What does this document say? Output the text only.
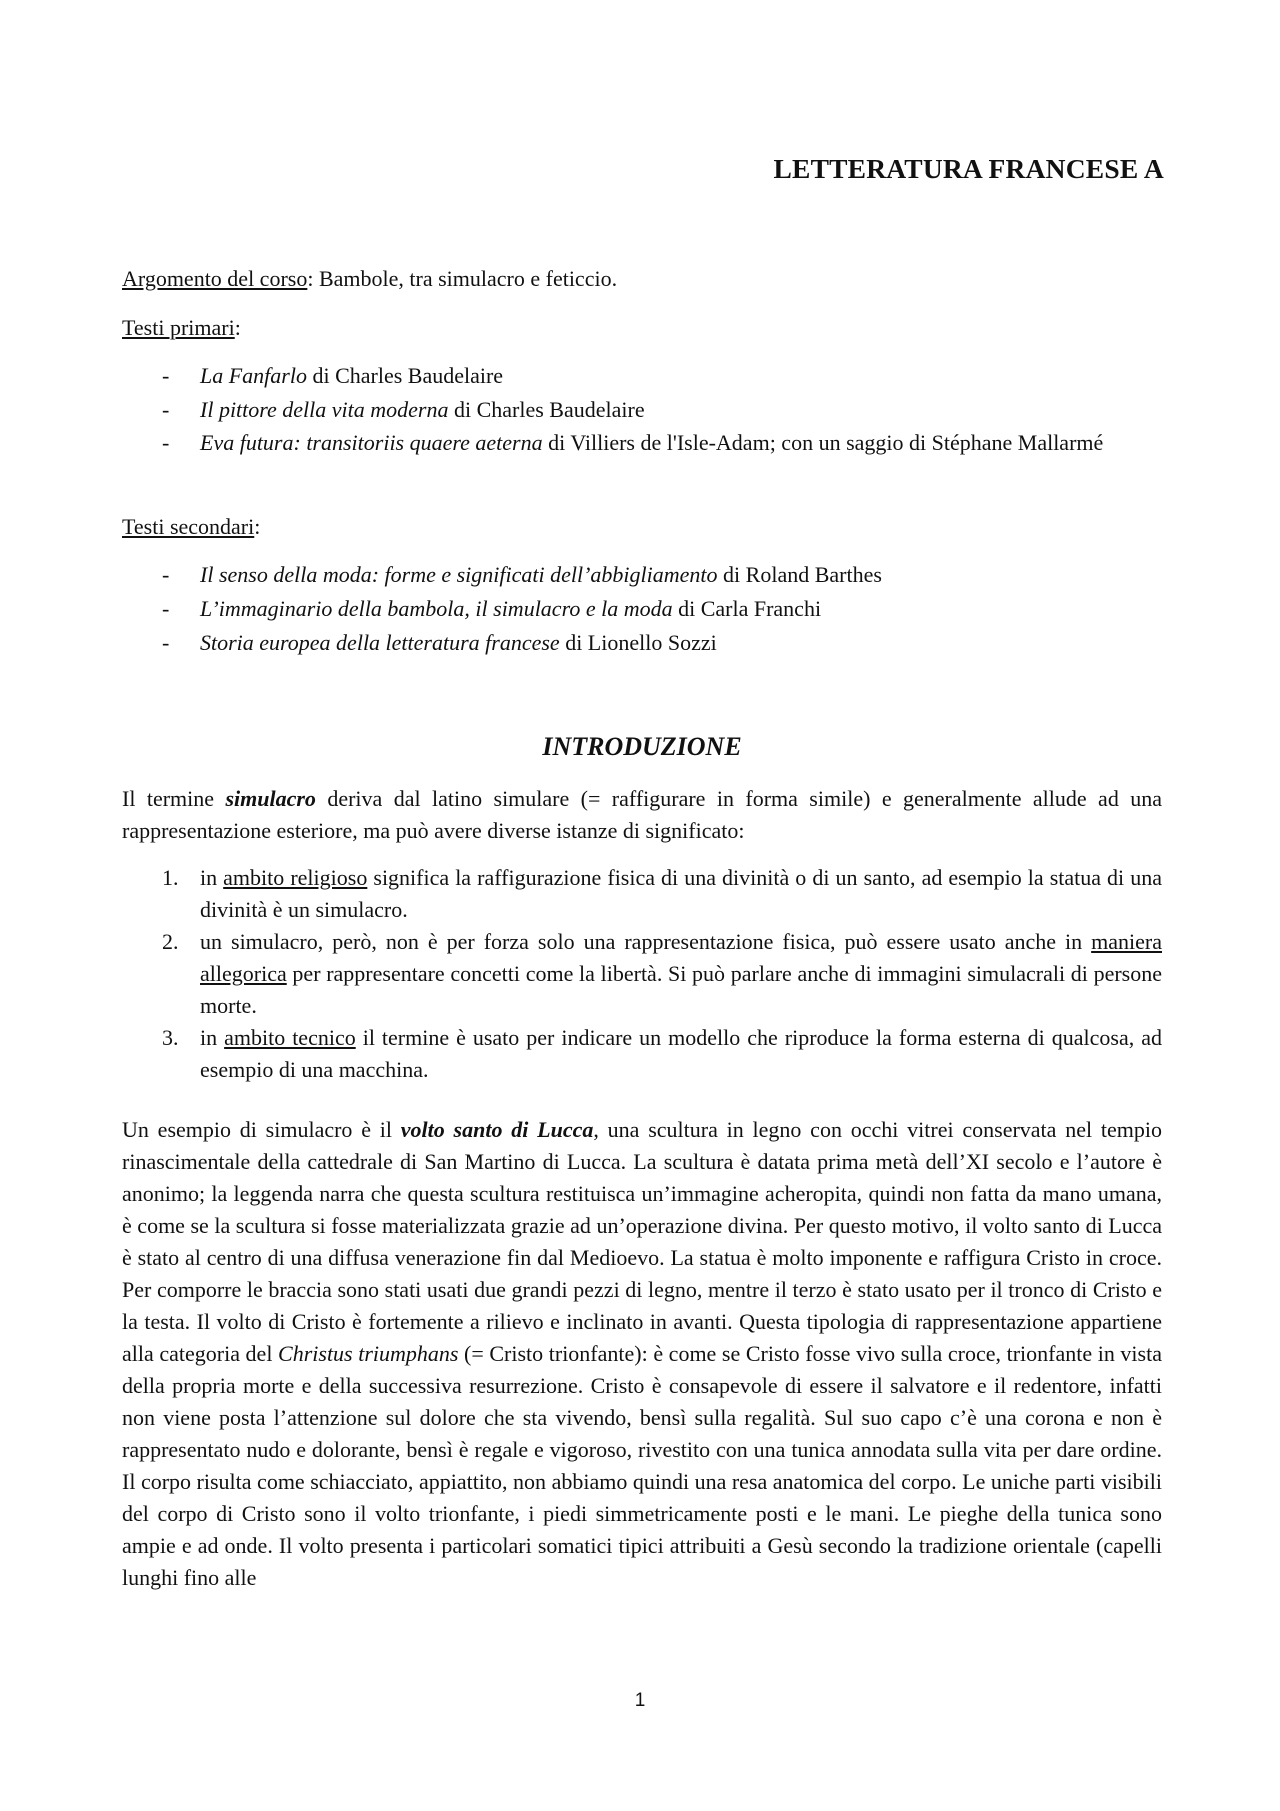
LETTERATURA FRANCESE A

Argomento del corso: Bambole, tra simulacro e feticcio.

Testi primari:

- La Fanfarlo di Charles Baudelaire
- Il pittore della vita moderna di Charles Baudelaire
- Eva futura: transitoriis quaere aeterna di Villiers de l'Isle-Adam; con un saggio di Stéphane Mallarmé

Testi secondari:

- Il senso della moda: forme e significati dell’abbigliamento di Roland Barthes
- L’immaginario della bambola, il simulacro e la moda di Carla Franchi
- Storia europea della letteratura francese di Lionello Sozzi
INTRODUZIONE

Il termine simulacro deriva dal latino simulare (= raffigurare in forma simile) e generalmente allude ad una rappresentazione esteriore, ma può avere diverse istanze di significato:

1. in ambito religioso significa la raffigurazione fisica di una divinità o di un santo, ad esempio la statua di una divinità è un simulacro.
2. un simulacro, però, non è per forza solo una rappresentazione fisica, può essere usato anche in maniera allegorica per rappresentare concetti come la libertà. Si può parlare anche di immagini simulacrali di persone morte.
3. in ambito tecnico il termine è usato per indicare un modello che riproduce la forma esterna di qualcosa, ad esempio di una macchina.

Un esempio di simulacro è il volto santo di Lucca, una scultura in legno con occhi vitrei conservata nel tempio rinascimentale della cattedrale di San Martino di Lucca. La scultura è datata prima metà dell’XI secolo e l’autore è anonimo; la leggenda narra che questa scultura restituisca un’immagine acheropita, quindi non fatta da mano umana, è come se la scultura si fosse materializzata grazie ad un’operazione divina. Per questo motivo, il volto santo di Lucca è stato al centro di una diffusa venerazione fin dal Medioevo. La statua è molto imponente e raffigura Cristo in croce. Per comporre le braccia sono stati usati due grandi pezzi di legno, mentre il terzo è stato usato per il tronco di Cristo e la testa. Il volto di Cristo è fortemente a rilievo e inclinato in avanti. Questa tipologia di rappresentazione appartiene alla categoria del Christus triumphans (= Cristo trionfante): è come se Cristo fosse vivo sulla croce, trionfante in vista della propria morte e della successiva resurrezione. Cristo è consapevole di essere il salvatore e il redentore, infatti non viene posta l’attenzione sul dolore che sta vivendo, bensì sulla regalità. Sul suo capo c’è una corona e non è rappresentato nudo e dolorante, bensì è regale e vigoroso, rivestito con una tunica annodata sulla vita per dare ordine. Il corpo risulta come schiacciato, appiattito, non abbiamo quindi una resa anatomica del corpo. Le uniche parti visibili del corpo di Cristo sono il volto trionfante, i piedi simmetricamente posti e le mani. Le pieghe della tunica sono ampie e ad onde. Il volto presenta i particolari somatici tipici attribuiti a Gesù secondo la tradizione orientale (capelli lunghi fino alle

1
